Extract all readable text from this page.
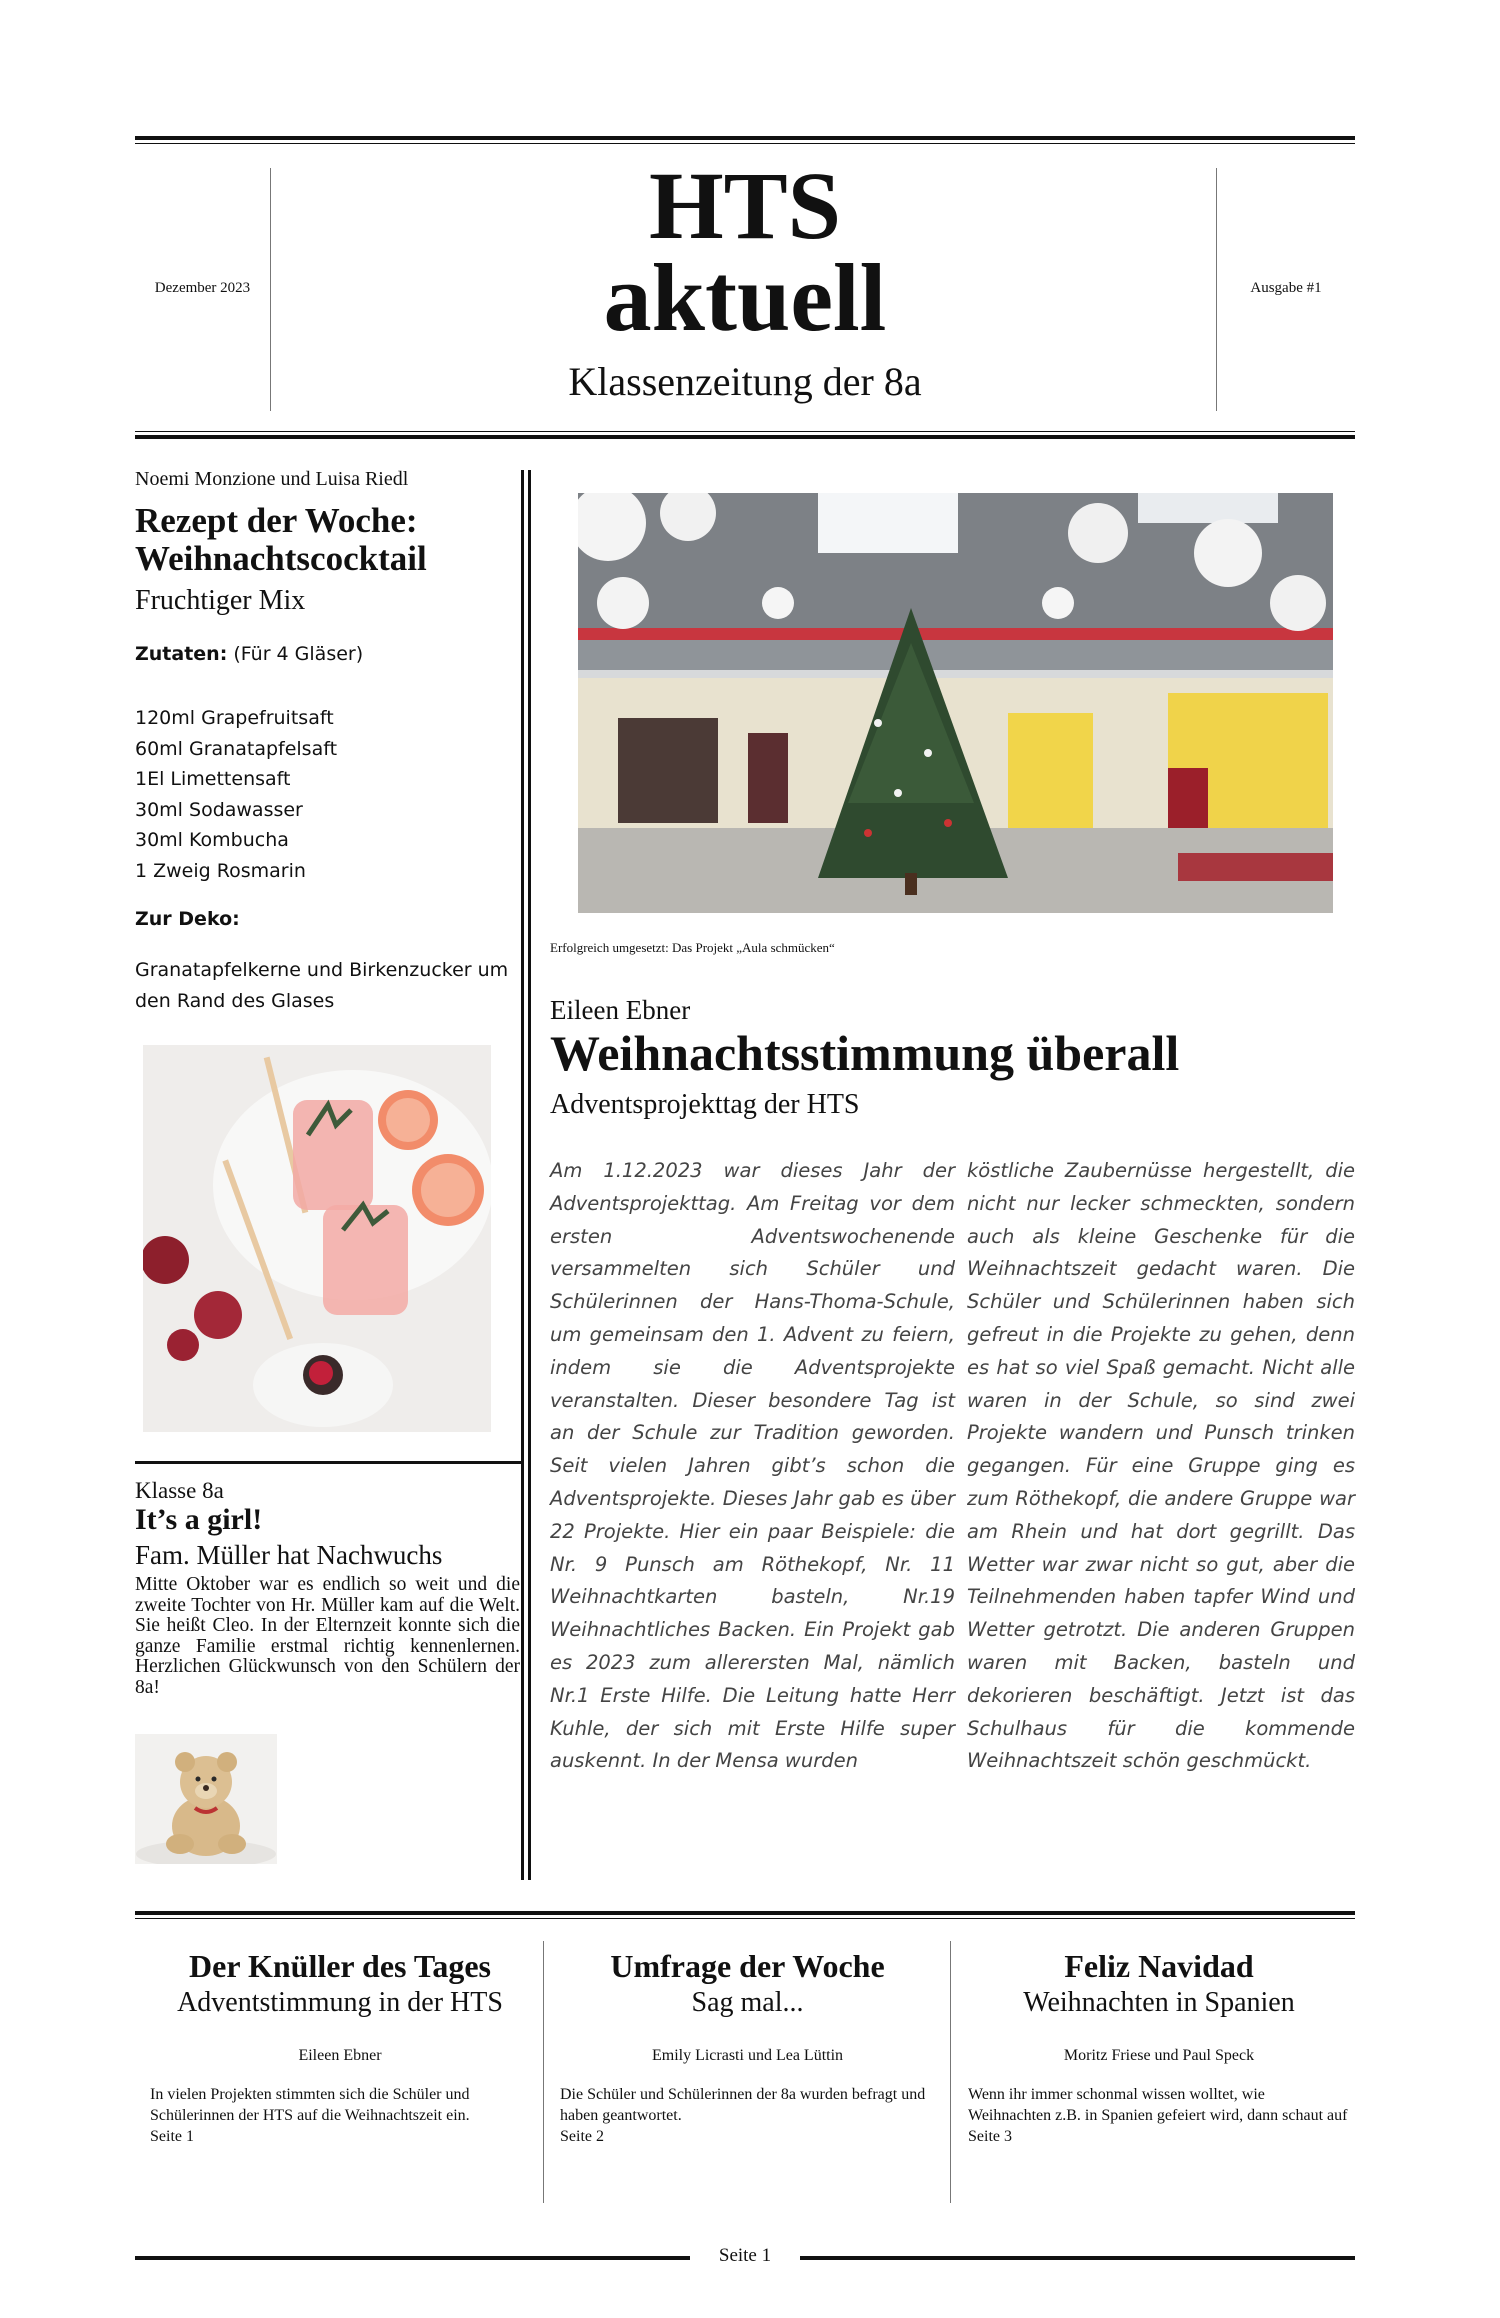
Dezember 2023	Ausgabe #1
HTS
aktuell
Klassenzeitung der 8a
Noemi Monzione und Luisa Riedl
Rezept der Woche:
Weihnachtscocktail
Fruchtiger Mix
Zutaten: (Für 4 Gläser)
120ml Grapefruitsaft
60ml Granatapfelsaft
1El Limettensaft
30ml Sodawasser
30ml Kombucha
1 Zweig Rosmarin
Zur Deko:
Granatapfelkerne und Birkenzucker um den Rand des Glases
Klasse 8a
It’s a girl!
Fam. Müller hat Nachwuchs
Mitte Oktober war es endlich so weit und die zweite Tochter von Hr. Müller kam auf die Welt. Sie heißt Cleo. In der Elternzeit konnte sich die ganze Familie erstmal richtig kennenlernen. Herzlichen Glückwunsch von den Schülern der 8a!
Erfolgreich umgesetzt: Das Projekt „Aula schmücken“
Eileen Ebner
Weihnachtsstimmung überall
Adventsprojekttag der HTS
Am 1.12.2023 war dieses Jahr der Adventsprojekttag. Am Freitag vor dem ersten Adventswochenende versammelten sich Schüler und Schülerinnen der Hans-Thoma-Schule, um gemeinsam den 1. Advent zu feiern, indem sie die Adventsprojekte veranstalten. Dieser besondere Tag ist an der Schule zur Tradition geworden. Seit vielen Jahren gibt’s schon die Adventsprojekte. Dieses Jahr gab es über 22 Projekte. Hier ein paar Beispiele: die Nr. 9 Punsch am Röthekopf, Nr. 11 Weihnachtkarten basteln, Nr.19 Weihnachtliches Backen. Ein Projekt gab es 2023 zum allerersten Mal, nämlich Nr.1 Erste Hilfe. Die Leitung hatte Herr Kuhle, der sich mit Erste Hilfe super auskennt. In der Mensa wurden
köstliche Zaubernüsse hergestellt, die nicht nur lecker schmeckten, sondern auch als kleine Geschenke für die Weihnachtszeit gedacht waren. Die Schüler und Schülerinnen haben sich gefreut in die Projekte zu gehen, denn es hat so viel Spaß gemacht. Nicht alle waren in der Schule, so sind zwei Projekte wandern und Punsch trinken gegangen. Für eine Gruppe ging es zum Röthekopf, die andere Gruppe war am Rhein und hat dort gegrillt. Das Wetter war zwar nicht so gut, aber die Teilnehmenden haben tapfer Wind und Wetter getrotzt. Die anderen Gruppen waren mit Backen, basteln und dekorieren beschäftigt. Jetzt ist das Schulhaus für die kommende Weihnachtszeit schön geschmückt.
Der Knüller des Tages
Adventstimmung in der HTS
Eileen Ebner
In vielen Projekten stimmten sich die Schüler und Schülerinnen der HTS auf die Weihnachtszeit ein.
Seite 1
Umfrage der Woche
Sag mal...
Emily Licrasti und Lea Lüttin
Die Schüler und Schülerinnen der 8a wurden befragt und haben geantwortet.
Seite 2
Feliz Navidad
Weihnachten in Spanien
Moritz Friese und Paul Speck
Wenn ihr immer schonmal wissen wolltet, wie Weihnachten z.B. in Spanien gefeiert wird, dann schaut auf
Seite 3
Seite 1
